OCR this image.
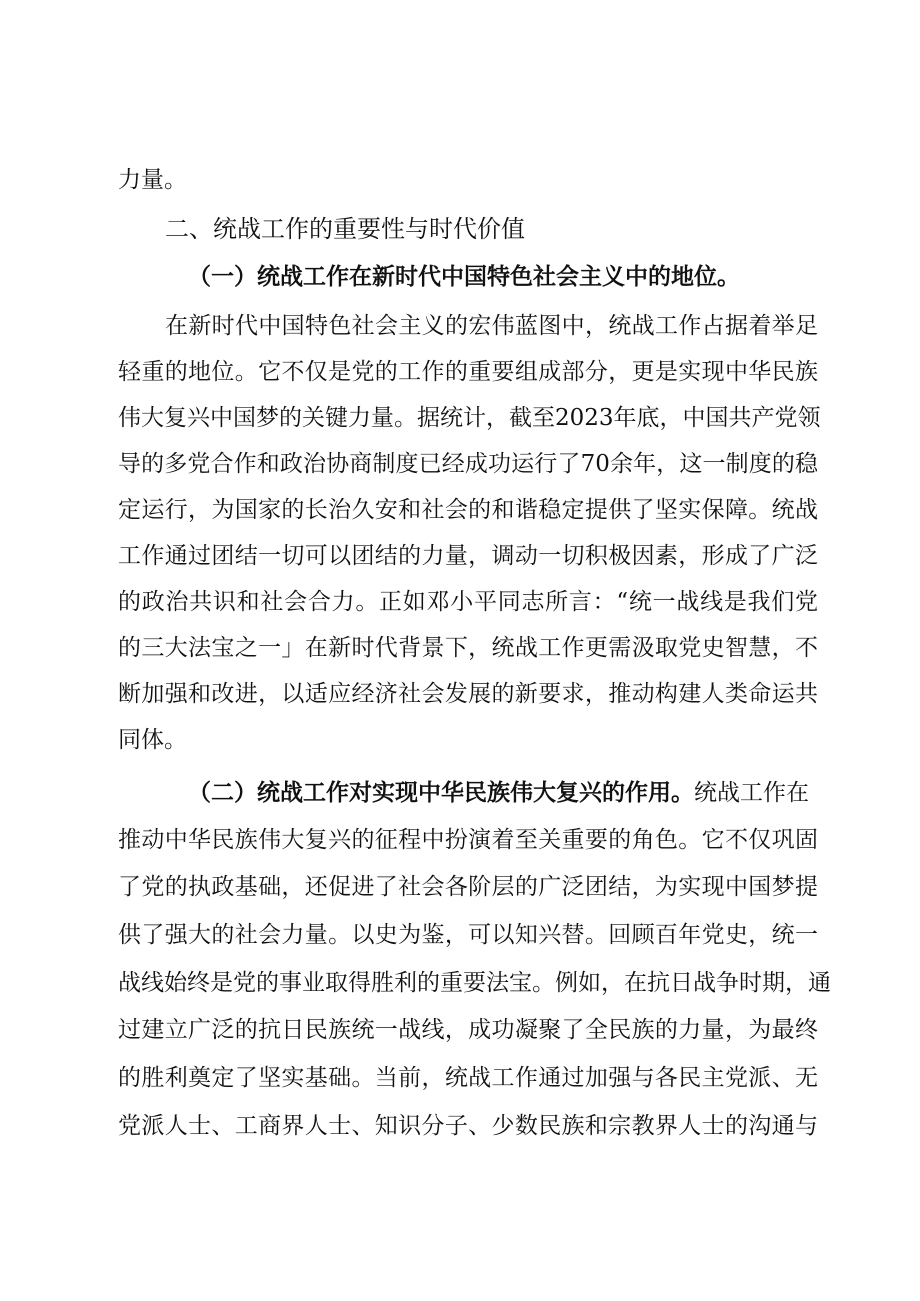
力量。
二、统战工作的重要性与时代价值
（一）统战工作在新时代中国特色社会主义中的地位。
在新时代中国特色社会主义的宏伟蓝图中，统战工作占据着举足
轻重的地位。它不仅是党的工作的重要组成部分，更是实现中华民族
伟大复兴中国梦的关键力量。据统计，截至2023年底，中国共产党领
导的多党合作和政治协商制度已经成功运行了70余年，这一制度的稳
定运行，为国家的长治久安和社会的和谐稳定提供了坚实保障。统战
工作通过团结一切可以团结的力量，调动一切积极因素，形成了广泛
的政治共识和社会合力。正如邓小平同志所言：“统一战线是我们党
的三大法宝之一」在新时代背景下，统战工作更需汲取党史智慧，不
断加强和改进，以适应经济社会发展的新要求，推动构建人类命运共
同体。
（二）统战工作对实现中华民族伟大复兴的作用。统战工作在
推动中华民族伟大复兴的征程中扮演着至关重要的角色。它不仅巩固
了党的执政基础，还促进了社会各阶层的广泛团结，为实现中国梦提
供了强大的社会力量。以史为鉴，可以知兴替。回顾百年党史，统一
战线始终是党的事业取得胜利的重要法宝。例如，在抗日战争时期，通
过建立广泛的抗日民族统一战线，成功凝聚了全民族的力量，为最终
的胜利奠定了坚实基础。当前，统战工作通过加强与各民主党派、无
党派人士、工商界人士、知识分子、少数民族和宗教界人士的沟通与
